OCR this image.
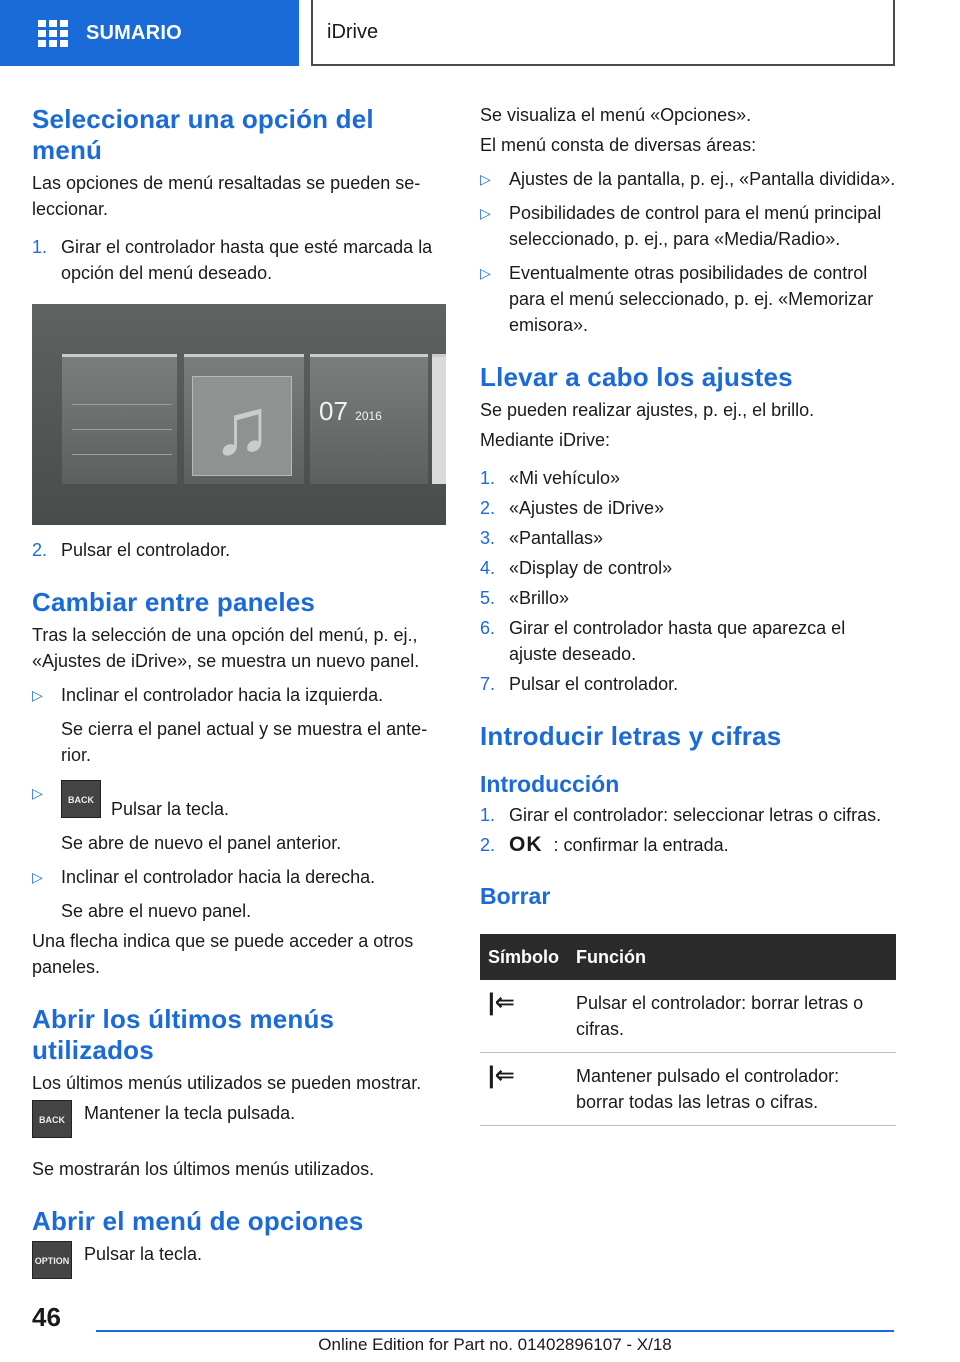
SUMARIO	iDrive
Seleccionar una opción del menú

Las opciones de menú resaltadas se pueden seleccionar.

1. Girar el controlador hasta que esté marcada la opción del menú deseado.
♫	07 2016
2. Pulsar el controlador.
Cambiar entre paneles

Tras la selección de una opción del menú, p. ej., «Ajustes de iDrive», se muestra un nuevo panel.

▷	Inclinar el controlador hacia la izquierda.

Se cierra el panel actual y se muestra el anterior.

▷	BACK Pulsar la tecla.

Se abre de nuevo el panel anterior.

▷	Inclinar el controlador hacia la derecha.

Se abre el nuevo panel.

Una flecha indica que se puede acceder a otros paneles.

Abrir los últimos menús utilizados

Los últimos menús utilizados se pueden mostrar.

BACK	Mantener la tecla pulsada.

Se mostrarán los últimos menús utilizados.

Abrir el menú de opciones
OPTION Pulsar la tecla.

Se visualiza el menú «Opciones».

El menú consta de diversas áreas:

▷	Ajustes de la pantalla, p. ej., «Pantalla dividida».
▷	Posibilidades de control para el menú principal seleccionado, p. ej., para «Media/Radio».
▷	Eventualmente otras posibilidades de control para el menú seleccionado, p. ej. «Memorizar emisora».
Llevar a cabo los ajustes

Se pueden realizar ajustes, p. ej., el brillo.

Mediante iDrive:

1. «Mi vehículo»
2. «Ajustes de iDrive»
3. «Pantallas»
4. «Display de control»
5. «Brillo»
6. Girar el controlador hasta que aparezca el ajuste deseado.
7. Pulsar el controlador.
Introducir letras y cifras
Introducción
1. Girar el controlador: seleccionar letras o cifras.
2. OK : confirmar la entrada.
Borrar
Símbolo	Función
|⇐	Pulsar el controlador: borrar letras o cifras.
|⇐	Mantener pulsado el controlador: borrar todas las letras o cifras.
46
Online Edition for Part no. 01402896107 - X/18
